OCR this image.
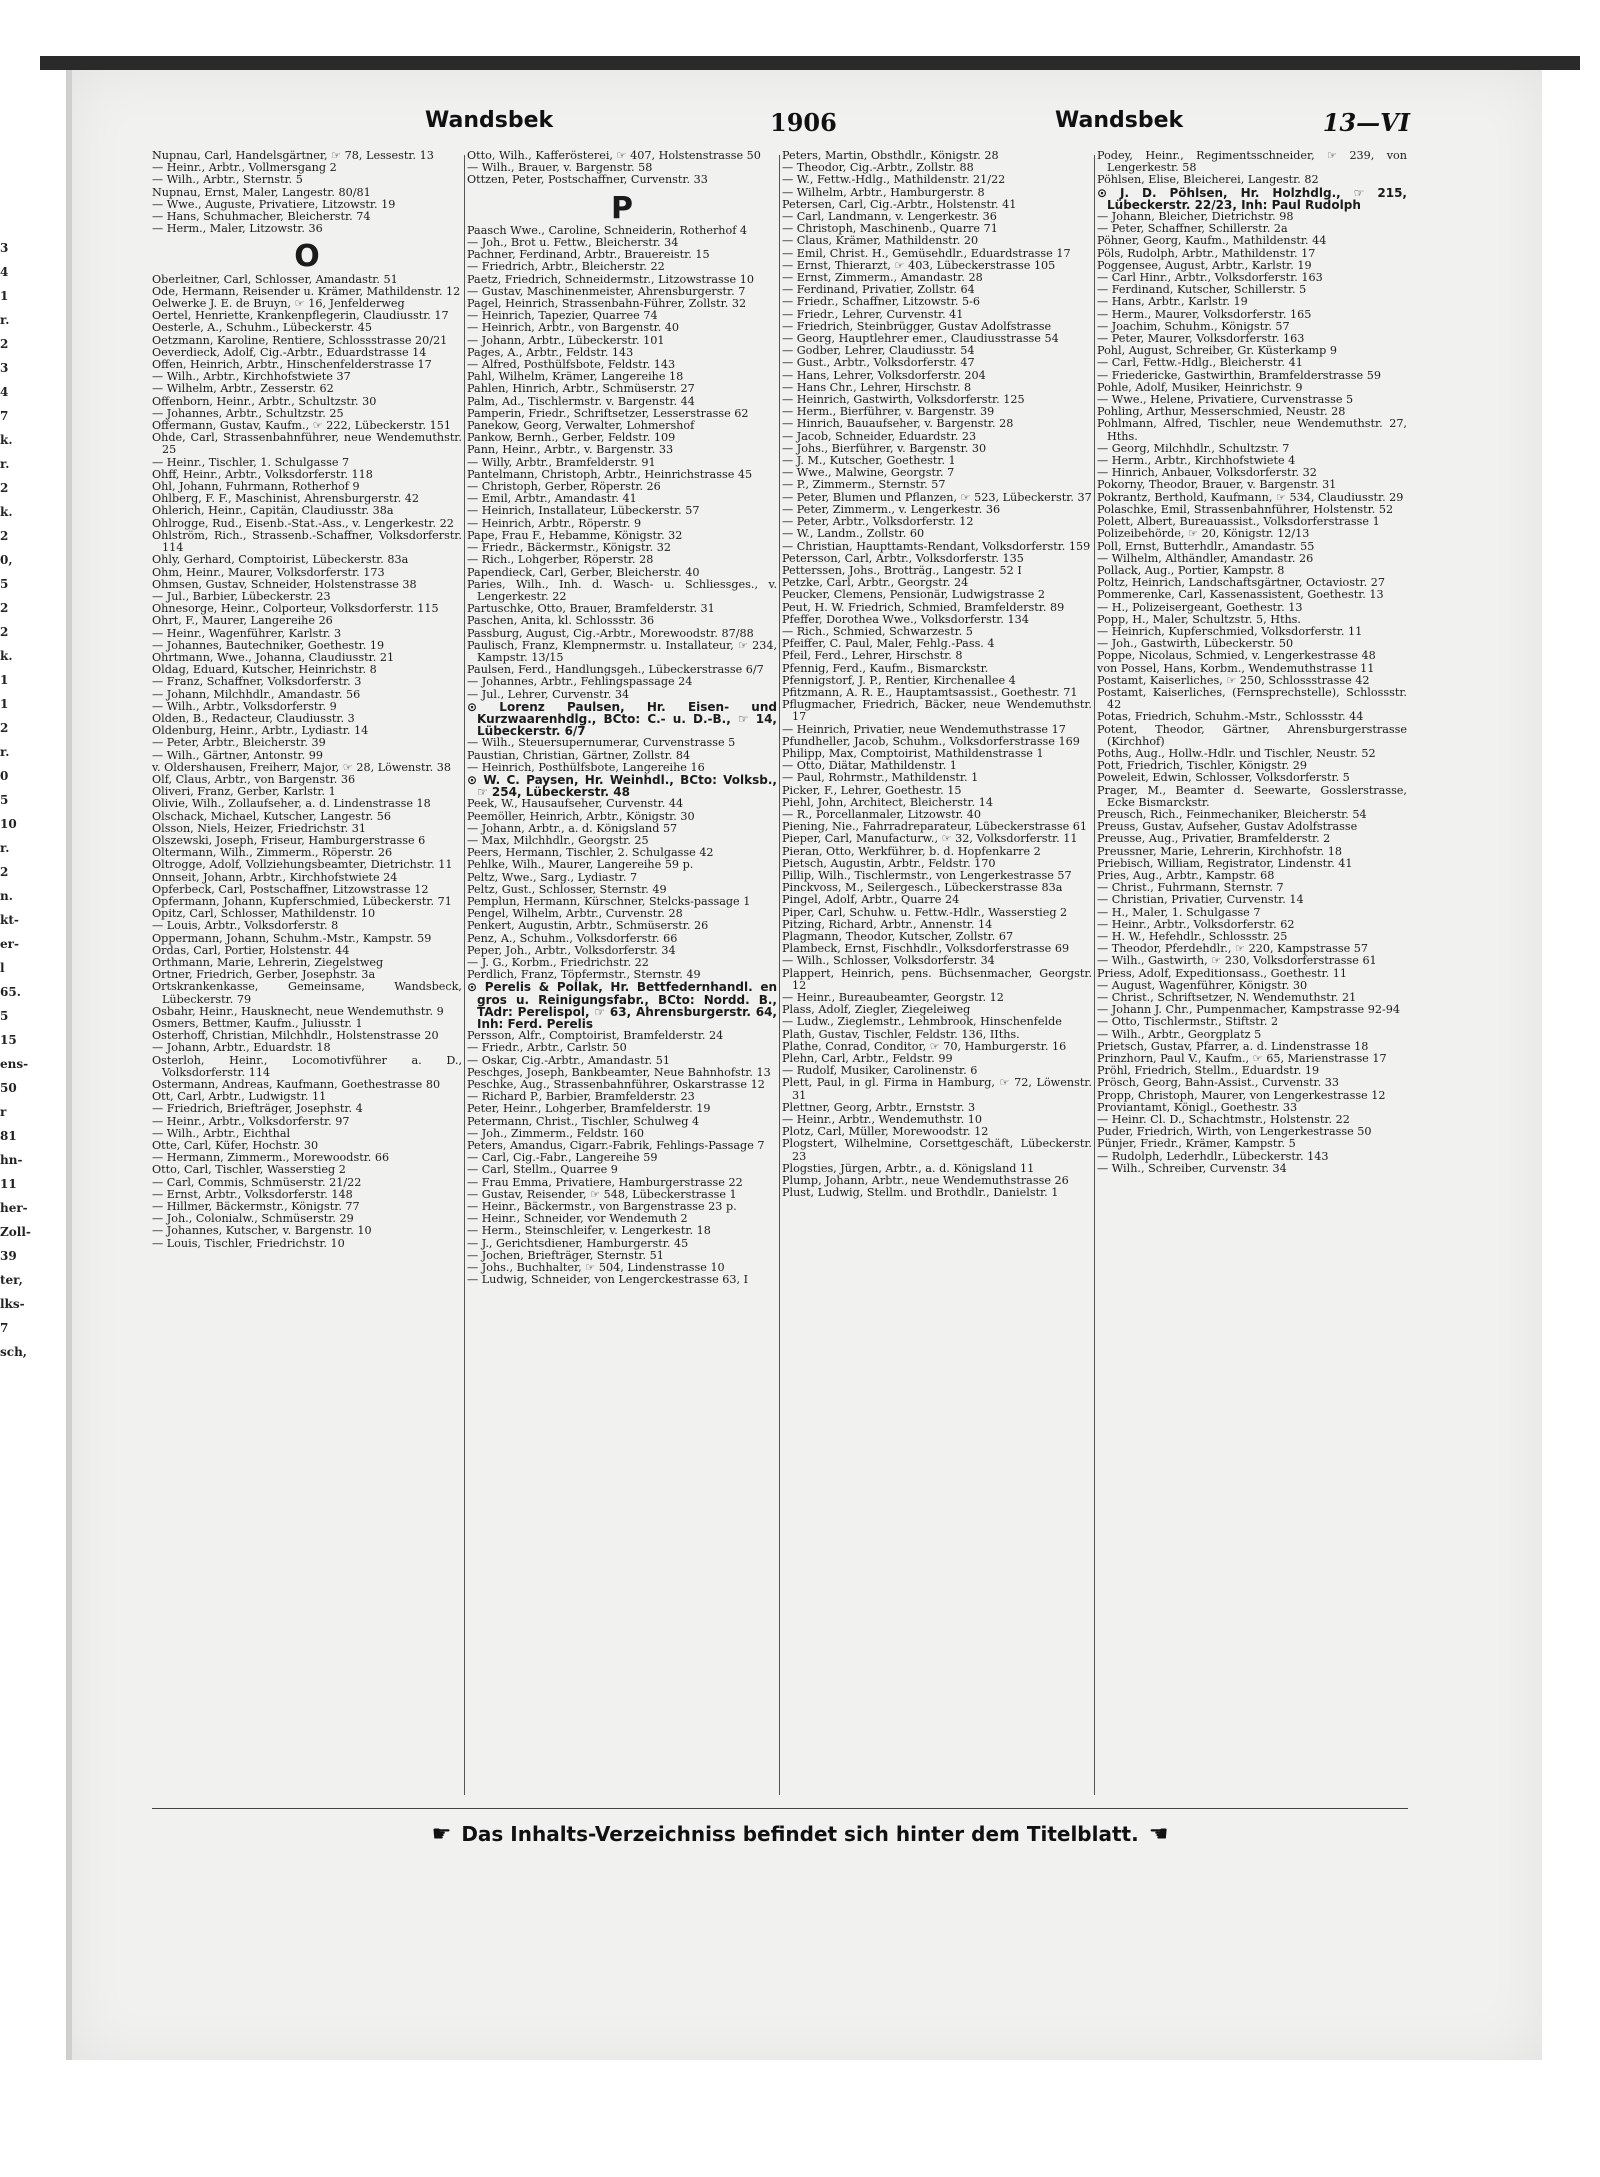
3
4
1
r.
2
3
4
7
k.
r.
2
k.
2
0,
5
2
2
k.
1
1
2
r.
0
5
10
r.
2
n.
kt-
er-
l
65.
5
15
ens-
50
r
81
hn-
11
her-
Zoll-
39
ter,
lks-
7
sch,
Wandsbek	1906	Wandsbek	13—VI

Nupnau, Carl, Handelsgärtner, ☞ 78, Lessestr. 13

— Heinr., Arbtr., Vollmersgang 2

— Wilh., Arbtr., Sternstr. 5

Nupnau, Ernst, Maler, Langestr. 80/81

— Wwe., Auguste, Privatiere, Litzowstr. 19

— Hans, Schuhmacher, Bleicherstr. 74

— Herm., Maler, Litzowstr. 36

O

Oberleitner, Carl, Schlosser, Amandastr. 51

Ode, Hermann, Reisender u. Krämer, Mathildenstr. 12

Oelwerke J. E. de Bruyn, ☞ 16, Jenfelderweg

Oertel, Henriette, Krankenpflegerin, Claudiusstr. 17

Oesterle, A., Schuhm., Lübeckerstr. 45

Oetzmann, Karoline, Rentiere, Schlossstrasse 20/21

Oeverdieck, Adolf, Cig.-Arbtr., Eduardstrasse 14

Offen, Heinrich, Arbtr., Hinschenfelderstrasse 17

— Wilh., Arbtr., Kirchhofstwiete 37

— Wilhelm, Arbtr., Zesserstr. 62

Offenborn, Heinr., Arbtr., Schultzstr. 30

— Johannes, Arbtr., Schultzstr. 25

Offermann, Gustav, Kaufm., ☞ 222, Lübeckerstr. 151

Ohde, Carl, Strassenbahnführer, neue Wendemuthstr. 25

— Heinr., Tischler, 1. Schulgasse 7

Ohff, Heinr., Arbtr., Volksdorferstr. 118

Ohl, Johann, Fuhrmann, Rotherhof 9

Ohlberg, F. F., Maschinist, Ahrensburgerstr. 42

Ohlerich, Heinr., Capitän, Claudiusstr. 38a

Ohlrogge, Rud., Eisenb.-Stat.-Ass., v. Lengerkestr. 22

Ohlström, Rich., Strassenb.-Schaffner, Volksdorferstr. 114

Ohly, Gerhard, Comptoirist, Lübeckerstr. 83a

Ohm, Heinr., Maurer, Volksdorferstr. 173

Ohmsen, Gustav, Schneider, Holstenstrasse 38

— Jul., Barbier, Lübeckerstr. 23

Ohnesorge, Heinr., Colporteur, Volksdorferstr. 115

Ohrt, F., Maurer, Langereihe 26

— Heinr., Wagenführer, Karlstr. 3

— Johannes, Bautechniker, Goethestr. 19

Ohrtmann, Wwe., Johanna, Claudiusstr. 21

Oldag, Eduard, Kutscher, Heinrichstr. 8

— Franz, Schaffner, Volksdorferstr. 3

— Johann, Milchhdlr., Amandastr. 56

— Wilh., Arbtr., Volksdorferstr. 9

Olden, B., Redacteur, Claudiusstr. 3

Oldenburg, Heinr., Arbtr., Lydiastr. 14

— Peter, Arbtr., Bleicherstr. 39

— Wilh., Gärtner, Antonstr. 99

v. Oldershausen, Freiherr, Major, ☞ 28, Löwenstr. 38

Olf, Claus, Arbtr., von Bargenstr. 36

Oliveri, Franz, Gerber, Karlstr. 1

Olivie, Wilh., Zollaufseher, a. d. Lindenstrasse 18

Olschack, Michael, Kutscher, Langestr. 56

Olsson, Niels, Heizer, Friedrichstr. 31

Olszewski, Joseph, Friseur, Hamburgerstrasse 6

Oltermann, Wilh., Zimmerm., Röperstr. 26

Oltrogge, Adolf, Vollziehungsbeamter, Dietrichstr. 11

Onnseit, Johann, Arbtr., Kirchhofstwiete 24

Opferbeck, Carl, Postschaffner, Litzowstrasse 12

Opfermann, Johann, Kupferschmied, Lübeckerstr. 71

Opitz, Carl, Schlosser, Mathildenstr. 10

— Louis, Arbtr., Volksdorferstr. 8

Oppermann, Johann, Schuhm.-Mstr., Kampstr. 59

Ordas, Carl, Portier, Holstenstr. 44

Orthmann, Marie, Lehrerin, Ziegelstweg

Ortner, Friedrich, Gerber, Josephstr. 3a

Ortskrankenkasse, Gemeinsame, Wandsbeck, Lübeckerstr. 79

Osbahr, Heinr., Hausknecht, neue Wendemuthstr. 9

Osmers, Bettmer, Kaufm., Juliusstr. 1

Osterhoff, Christian, Milchhdlr., Holstenstrasse 20

— Johann, Arbtr., Eduardstr. 18

Osterloh, Heinr., Locomotivführer a. D., Volksdorferstr. 114

Ostermann, Andreas, Kaufmann, Goethestrasse 80

Ott, Carl, Arbtr., Ludwigstr. 11

— Friedrich, Briefträger, Josephstr. 4

— Heinr., Arbtr., Volksdorferstr. 97

— Wilh., Arbtr., Eichthal

Otte, Carl, Küfer, Hochstr. 30

— Hermann, Zimmerm., Morewoodstr. 66

Otto, Carl, Tischler, Wasserstieg 2

— Carl, Commis, Schmüserstr. 21/22

— Ernst, Arbtr., Volksdorferstr. 148

— Hillmer, Bäckermstr., Königstr. 77

— Joh., Colonialw., Schmüserstr. 29

— Johannes, Kutscher, v. Bargenstr. 10

— Louis, Tischler, Friedrichstr. 10

Otto, Wilh., Kafferösterei, ☞ 407, Holstenstrasse 50

— Wilh., Brauer, v. Bargenstr. 58

Ottzen, Peter, Postschaffner, Curvenstr. 33

P

Paasch Wwe., Caroline, Schneiderin, Rotherhof 4

— Joh., Brot u. Fettw., Bleicherstr. 34

Pachner, Ferdinand, Arbtr., Brauereistr. 15

— Friedrich, Arbtr., Bleicherstr. 22

Paetz, Friedrich, Schneidermstr., Litzowstrasse 10

— Gustav, Maschinenmeister, Ahrensburgerstr. 7

Pagel, Heinrich, Strassenbahn-Führer, Zollstr. 32

— Heinrich, Tapezier, Quarree 74

— Heinrich, Arbtr., von Bargenstr. 40

— Johann, Arbtr., Lübeckerstr. 101

Pages, A., Arbtr., Feldstr. 143

— Alfred, Posthülfsbote, Feldstr. 143

Pahl, Wilhelm, Krämer, Langereihe 18

Pahlen, Hinrich, Arbtr., Schmüserstr. 27

Palm, Ad., Tischlermstr. v. Bargenstr. 44

Pamperin, Friedr., Schriftsetzer, Lesserstrasse 62

Panekow, Georg, Verwalter, Lohmershof

Pankow, Bernh., Gerber, Feldstr. 109

Pann, Heinr., Arbtr., v. Bargenstr. 33

— Willy, Arbtr., Bramfelderstr. 91

Pantelmann, Christoph, Arbtr., Heinrichstrasse 45

— Christoph, Gerber, Röperstr. 26

— Emil, Arbtr., Amandastr. 41

— Heinrich, Installateur, Lübeckerstr. 57

— Heinrich, Arbtr., Röperstr. 9

Pape, Frau F., Hebamme, Königstr. 32

— Friedr., Bäckermstr., Königstr. 32

— Rich., Lohgerber, Röperstr. 28

Papendieck, Carl, Gerber, Bleicherstr. 40

Paries, Wilh., Inh. d. Wasch- u. Schliessges., v. Lengerkestr. 22

Partuschke, Otto, Brauer, Bramfelderstr. 31

Paschen, Anita, kl. Schlossstr. 36

Passburg, August, Cig.-Arbtr., Morewoodstr. 87/88

Paulisch, Franz, Klempnermstr. u. Installateur, ☞ 234, Kampstr. 13/15

Paulsen, Ferd., Handlungsgeh., Lübeckerstrasse 6/7

— Johannes, Arbtr., Fehlingspassage 24

— Jul., Lehrer, Curvenstr. 34

⊙ Lorenz Paulsen, Hr. Eisen- und Kurzwaarenhdlg., BCto: C.- u. D.-B., ☞ 14, Lübeckerstr. 6/7

— Wilh., Steuersupernumerar, Curvenstrasse 5

Paustian, Christian, Gärtner, Zollstr. 84

— Heinrich, Posthülfsbote, Langereihe 16

⊙ W. C. Paysen, Hr. Weinhdl., BCto: Volksb., ☞ 254, Lübeckerstr. 48

Peek, W., Hausaufseher, Curvenstr. 44

Peemöller, Heinrich, Arbtr., Königstr. 30

— Johann, Arbtr., a. d. Königsland 57

— Max, Milchhdlr., Georgstr. 25

Peers, Hermann, Tischler, 2. Schulgasse 42

Pehlke, Wilh., Maurer, Langereihe 59 p.

Peltz, Wwe., Sarg., Lydiastr. 7

Peltz, Gust., Schlosser, Sternstr. 49

Pemplun, Hermann, Kürschner, Stelcks-passage 1

Pengel, Wilhelm, Arbtr., Curvenstr. 28

Penkert, Augustin, Arbtr., Schmüserstr. 26

Penz, A., Schuhm., Volksdorferstr. 66

Peper, Joh., Arbtr., Volksdorferstr. 34

— J. G., Korbm., Friedrichstr. 22

Perdlich, Franz, Töpfermstr., Sternstr. 49

⊙ Perelis & Pollak, Hr. Bettfedernhandl. en gros u. Reinigungsfabr., BCto: Nordd. B., TAdr: Perelispol, ☞ 63, Ahrensburgerstr. 64, Inh: Ferd. Perelis

Persson, Alfr., Comptoirist, Bramfelderstr. 24

— Friedr., Arbtr., Carlstr. 50

— Oskar, Cig.-Arbtr., Amandastr. 51

Peschges, Joseph, Bankbeamter, Neue Bahnhofstr. 13

Peschke, Aug., Strassenbahnführer, Oskarstrasse 12

— Richard P., Barbier, Bramfelderstr. 23

Peter, Heinr., Lohgerber, Bramfelderstr. 19

Petermann, Christ., Tischler, Schulweg 4

— Joh., Zimmerm., Feldstr. 160

Peters, Amandus, Cigarr.-Fabrik, Fehlings-Passage 7

— Carl, Cig.-Fabr., Langereihe 59

— Carl, Stellm., Quarree 9

— Frau Emma, Privatiere, Hamburgerstrasse 22

— Gustav, Reisender, ☞ 548, Lübeckerstrasse 1

— Heinr., Bäckermstr., von Bargenstrasse 23 p.

— Heinr., Schneider, vor Wendemuth 2

— Herm., Steinschleifer, v. Lengerkestr. 18

— J., Gerichtsdiener, Hamburgerstr. 45

— Jochen, Briefträger, Sternstr. 51

— Johs., Buchhalter, ☞ 504, Lindenstrasse 10

— Ludwig, Schneider, von Lengerckestrasse 63, I

Peters, Martin, Obsthdlr., Königstr. 28

— Theodor, Cig.-Arbtr., Zollstr. 88

— W., Fettw.-Hdlg., Mathildenstr. 21/22

— Wilhelm, Arbtr., Hamburgerstr. 8

Petersen, Carl, Cig.-Arbtr., Holstenstr. 41

— Carl, Landmann, v. Lengerkestr. 36

— Christoph, Maschinenb., Quarre 71

— Claus, Krämer, Mathildenstr. 20

— Emil, Christ. H., Gemüsehdlr., Eduardstrasse 17

— Ernst, Thierarzt, ☞ 403, Lübeckerstrasse 105

— Ernst, Zimmerm., Amandastr. 28

— Ferdinand, Privatier, Zollstr. 64

— Friedr., Schaffner, Litzowstr. 5-6

— Friedr., Lehrer, Curvenstr. 41

— Friedrich, Steinbrügger, Gustav Adolfstrasse

— Georg, Hauptlehrer emer., Claudiusstrasse 54

— Godber, Lehrer, Claudiusstr. 54

— Gust., Arbtr., Volksdorferstr. 47

— Hans, Lehrer, Volksdorferstr. 204

— Hans Chr., Lehrer, Hirschstr. 8

— Heinrich, Gastwirth, Volksdorferstr. 125

— Herm., Bierführer, v. Bargenstr. 39

— Hinrich, Bauaufseher, v. Bargenstr. 28

— Jacob, Schneider, Eduardstr. 23

— Johs., Bierführer, v. Bargenstr. 30

— J. M., Kutscher, Goethestr. 1

— Wwe., Malwine, Georgstr. 7

— P., Zimmerm., Sternstr. 57

— Peter, Blumen und Pflanzen, ☞ 523, Lübeckerstr. 37

— Peter, Zimmerm., v. Lengerkestr. 36

— Peter, Arbtr., Volksdorferstr. 12

— W., Landm., Zollstr. 60

— Christian, Haupttamts-Rendant, Volksdorferstr. 159

Petersson, Carl, Arbtr., Volksdorferstr. 135

Petterssen, Johs., Brotträg., Langestr. 52 I

Petzke, Carl, Arbtr., Georgstr. 24

Peucker, Clemens, Pensionär, Ludwigstrasse 2

Peut, H. W. Friedrich, Schmied, Bramfelderstr. 89

Pfeffer, Dorothea Wwe., Volksdorferstr. 134

— Rich., Schmied, Schwarzestr. 5

Pfeiffer, C. Paul, Maler, Fehlg.-Pass. 4

Pfeil, Ferd., Lehrer, Hirschstr. 8

Pfennig, Ferd., Kaufm., Bismarckstr.

Pfennigstorf, J. P., Rentier, Kirchenallee 4

Pfitzmann, A. R. E., Hauptamtsassist., Goethestr. 71

Pflugmacher, Friedrich, Bäcker, neue Wendemuthstr. 17

— Heinrich, Privatier, neue Wendemuthstrasse 17

Pfundheller, Jacob, Schuhm., Volksdorferstrasse 169

Philipp, Max, Comptoirist, Mathildenstrasse 1

— Otto, Diätar, Mathildenstr. 1

— Paul, Rohrmstr., Mathildenstr. 1

Picker, F., Lehrer, Goethestr. 15

Piehl, John, Architect, Bleicherstr. 14

— R., Porcellanmaler, Litzowstr. 40

Piening, Nie., Fahrradreparateur, Lübeckerstrasse 61

Pieper, Carl, Manufacturw., ☞ 32, Volksdorferstr. 11

Pieran, Otto, Werkführer, b. d. Hopfenkarre 2

Pietsch, Augustin, Arbtr., Feldstr. 170

Pillip, Wilh., Tischlermstr., von Lengerkestrasse 57

Pinckvoss, M., Seilergesch., Lübeckerstrasse 83a

Pingel, Adolf, Arbtr., Quarre 24

Piper, Carl, Schuhw. u. Fettw.-Hdlr., Wasserstieg 2

Pitzing, Richard, Arbtr., Annenstr. 14

Plagmann, Theodor, Kutscher, Zollstr. 67

Plambeck, Ernst, Fischhdlr., Volksdorferstrasse 69

— Wilh., Schlosser, Volksdorferstr. 34

Plappert, Heinrich, pens. Büchsenmacher, Georgstr. 12

— Heinr., Bureaubeamter, Georgstr. 12

Plass, Adolf, Ziegler, Ziegeleiweg

— Ludw., Zieglemstr., Lehmbrook, Hinschenfelde

Plath, Gustav, Tischler, Feldstr. 136, IIths.

Plathe, Conrad, Conditor, ☞ 70, Hamburgerstr. 16

Plehn, Carl, Arbtr., Feldstr. 99

— Rudolf, Musiker, Carolinenstr. 6

Plett, Paul, in gl. Firma in Hamburg, ☞ 72, Löwenstr. 31

Plettner, Georg, Arbtr., Ernststr. 3

— Heinr., Arbtr., Wendemuthstr. 10

Plotz, Carl, Müller, Morewoodstr. 12

Plogstert, Wilhelmine, Corsettgeschäft, Lübeckerstr. 23

Plogsties, Jürgen, Arbtr., a. d. Königsland 11

Plump, Johann, Arbtr., neue Wendemuthstrasse 26

Plust, Ludwig, Stellm. und Brothdlr., Danielstr. 1

Podey, Heinr., Regimentsschneider, ☞ 239, von Lengerkestr. 58

Pöhlsen, Elise, Bleicherei, Langestr. 82

⊙ J. D. Pöhlsen, Hr. Holzhdlg., ☞ 215, Lübeckerstr. 22/23, Inh: Paul Rudolph

— Johann, Bleicher, Dietrichstr. 98

— Peter, Schaffner, Schillerstr. 2a

Pöhner, Georg, Kaufm., Mathildenstr. 44

Pöls, Rudolph, Arbtr., Mathildenstr. 17

Poggensee, August, Arbtr., Karlstr. 19

— Carl Hinr., Arbtr., Volksdorferstr. 163

— Ferdinand, Kutscher, Schillerstr. 5

— Hans, Arbtr., Karlstr. 19

— Herm., Maurer, Volksdorferstr. 165

— Joachim, Schuhm., Königstr. 57

— Peter, Maurer, Volksdorferstr. 163

Pohl, August, Schreiber, Gr. Küsterkamp 9

— Carl, Fettw.-Hdlg., Bleicherstr. 41

— Friedericke, Gastwirthin, Bramfelderstrasse 59

Pohle, Adolf, Musiker, Heinrichstr. 9

— Wwe., Helene, Privatiere, Curvenstrasse 5

Pohling, Arthur, Messerschmied, Neustr. 28

Pohlmann, Alfred, Tischler, neue Wendemuthstr. 27, Hths.

— Georg, Milchhdlr., Schultzstr. 7

— Herm., Arbtr., Kirchhofstwiete 4

— Hinrich, Anbauer, Volksdorferstr. 32

Pokorny, Theodor, Brauer, v. Bargenstr. 31

Pokrantz, Berthold, Kaufmann, ☞ 534, Claudiusstr. 29

Polaschke, Emil, Strassenbahnführer, Holstenstr. 52

Polett, Albert, Bureauassist., Volksdorferstrasse 1

Polizeibehörde, ☞ 20, Königstr. 12/13

Poll, Ernst, Butterhdlr., Amandastr. 55

— Wilhelm, Althändler, Amandastr. 26

Pollack, Aug., Portier, Kampstr. 8

Poltz, Heinrich, Landschaftsgärtner, Octaviostr. 27

Pommerenke, Carl, Kassenassistent, Goethestr. 13

— H., Polizeisergeant, Goethestr. 13

Popp, H., Maler, Schultzstr. 5, Hths.

— Heinrich, Kupferschmied, Volksdorferstr. 11

— Joh., Gastwirth, Lübeckerstr. 50

Poppe, Nicolaus, Schmied, v. Lengerkestrasse 48

von Possel, Hans, Korbm., Wendemuthstrasse 11

Postamt, Kaiserliches, ☞ 250, Schlossstrasse 42

Postamt, Kaiserliches, (Fernsprechstelle), Schlossstr. 42

Potas, Friedrich, Schuhm.-Mstr., Schlossstr. 44

Potent, Theodor, Gärtner, Ahrensburgerstrasse (Kirchhof)

Poths, Aug., Hollw.-Hdlr. und Tischler, Neustr. 52

Pott, Friedrich, Tischler, Königstr. 29

Poweleit, Edwin, Schlosser, Volksdorferstr. 5

Prager, M., Beamter d. Seewarte, Gosslerstrasse, Ecke Bismarckstr.

Preusch, Rich., Feinmechaniker, Bleicherstr. 54

Preuss, Gustav, Aufseher, Gustav Adolfstrasse

Preusse, Aug., Privatier, Bramfelderstr. 2

Preussner, Marie, Lehrerin, Kirchhofstr. 18

Priebisch, William, Registrator, Lindenstr. 41

Pries, Aug., Arbtr., Kampstr. 68

— Christ., Fuhrmann, Sternstr. 7

— Christian, Privatier, Curvenstr. 14

— H., Maler, 1. Schulgasse 7

— Heinr., Arbtr., Volksdorferstr. 62

— H. W., Hefehdlr., Schlossstr. 25

— Theodor, Pferdehdlr., ☞ 220, Kampstrasse 57

— Wilh., Gastwirth, ☞ 230, Volksdorferstrasse 61

Priess, Adolf, Expeditionsass., Goethestr. 11

— August, Wagenführer, Königstr. 30

— Christ., Schriftsetzer, N. Wendemuthstr. 21

— Johann J. Chr., Pumpenmacher, Kampstrasse 92-94

— Otto, Tischlermstr., Stiftstr. 2

— Wilh., Arbtr., Georgplatz 5

Prietsch, Gustav, Pfarrer, a. d. Lindenstrasse 18

Prinzhorn, Paul V., Kaufm., ☞ 65, Marienstrasse 17

Pröhl, Friedrich, Stellm., Eduardstr. 19

Prösch, Georg, Bahn-Assist., Curvenstr. 33

Propp, Christoph, Maurer, von Lengerkestrasse 12

Proviantamt, Königl., Goethestr. 33

— Heinr. Cl. D., Schachtmstr., Holstenstr. 22

Puder, Friedrich, Wirth, von Lengerkestrasse 50

Pünjer, Friedr., Krämer, Kampstr. 5

— Rudolph, Lederhdlr., Lübeckerstr. 143

— Wilh., Schreiber, Curvenstr. 34

☛ Das Inhalts-Verzeichniss befindet sich hinter dem Titelblatt. ☚
